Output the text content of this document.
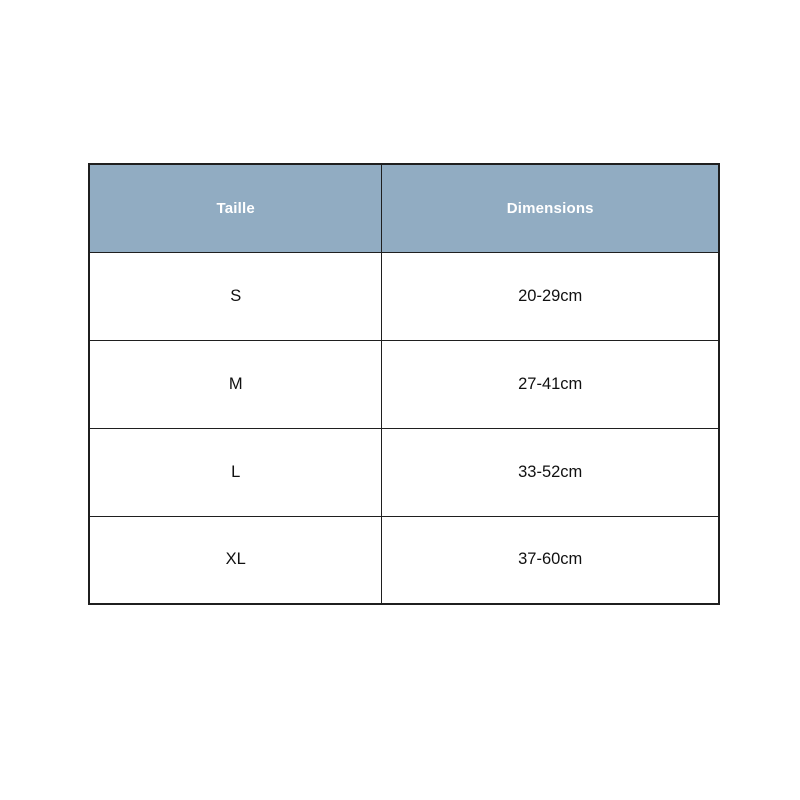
Taille	Dimensions
S	20-29cm
M	27-41cm
L	33-52cm
XL	37-60cm
